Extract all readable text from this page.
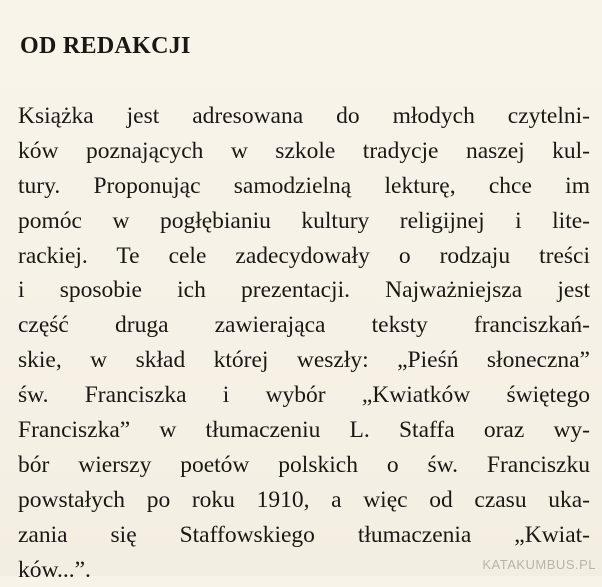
OD REDAKCJI
Książka jest adresowana do młodych czytelni-
ków poznających w szkole tradycje naszej kul-
tury. Proponując samodzielną lekturę, chce im
pomóc w pogłębianiu kultury religijnej i lite-
rackiej. Te cele zadecydowały o rodzaju treści
i sposobie ich prezentacji. Najważniejsza jest
część druga zawierająca teksty franciszkań-
skie, w skład której weszły: „Pieśń słoneczna”
św. Franciszka i wybór „Kwiatków świętego
Franciszka” w tłumaczeniu L. Staffa oraz wy-
bór wierszy poetów polskich o św. Franciszku
powstałych po roku 1910, a więc od czasu uka-
zania się Staffowskiego tłumaczenia „Kwiat-
ków...”.	KATAKUMBUS.PL
